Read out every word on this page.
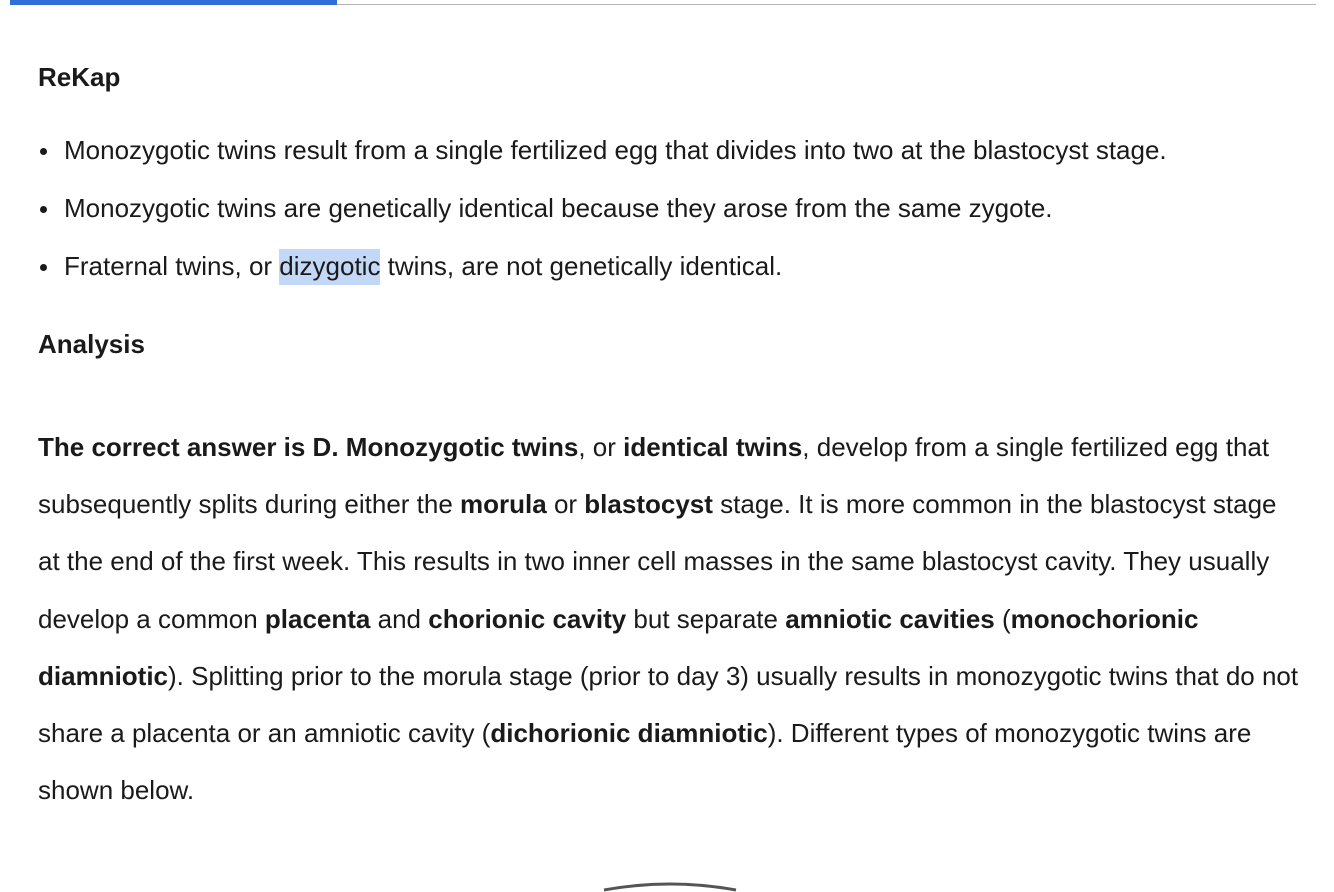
ReKap
Monozygotic twins result from a single fertilized egg that divides into two at the blastocyst stage.
Monozygotic twins are genetically identical because they arose from the same zygote.
Fraternal twins, or dizygotic twins, are not genetically identical.
Analysis

The correct answer is D. Monozygotic twins, or identical twins, develop from a single fertilized egg that subsequently splits during either the morula or blastocyst stage. It is more common in the blastocyst stage at the end of the first week. This results in two inner cell masses in the same blastocyst cavity. They usually develop a common placenta and chorionic cavity but separate amniotic cavities (monochorionic diamniotic). Splitting prior to the morula stage (prior to day 3) usually results in monozygotic twins that do not share a placenta or an amniotic cavity (dichorionic diamniotic). Different types of monozygotic twins are shown below.
